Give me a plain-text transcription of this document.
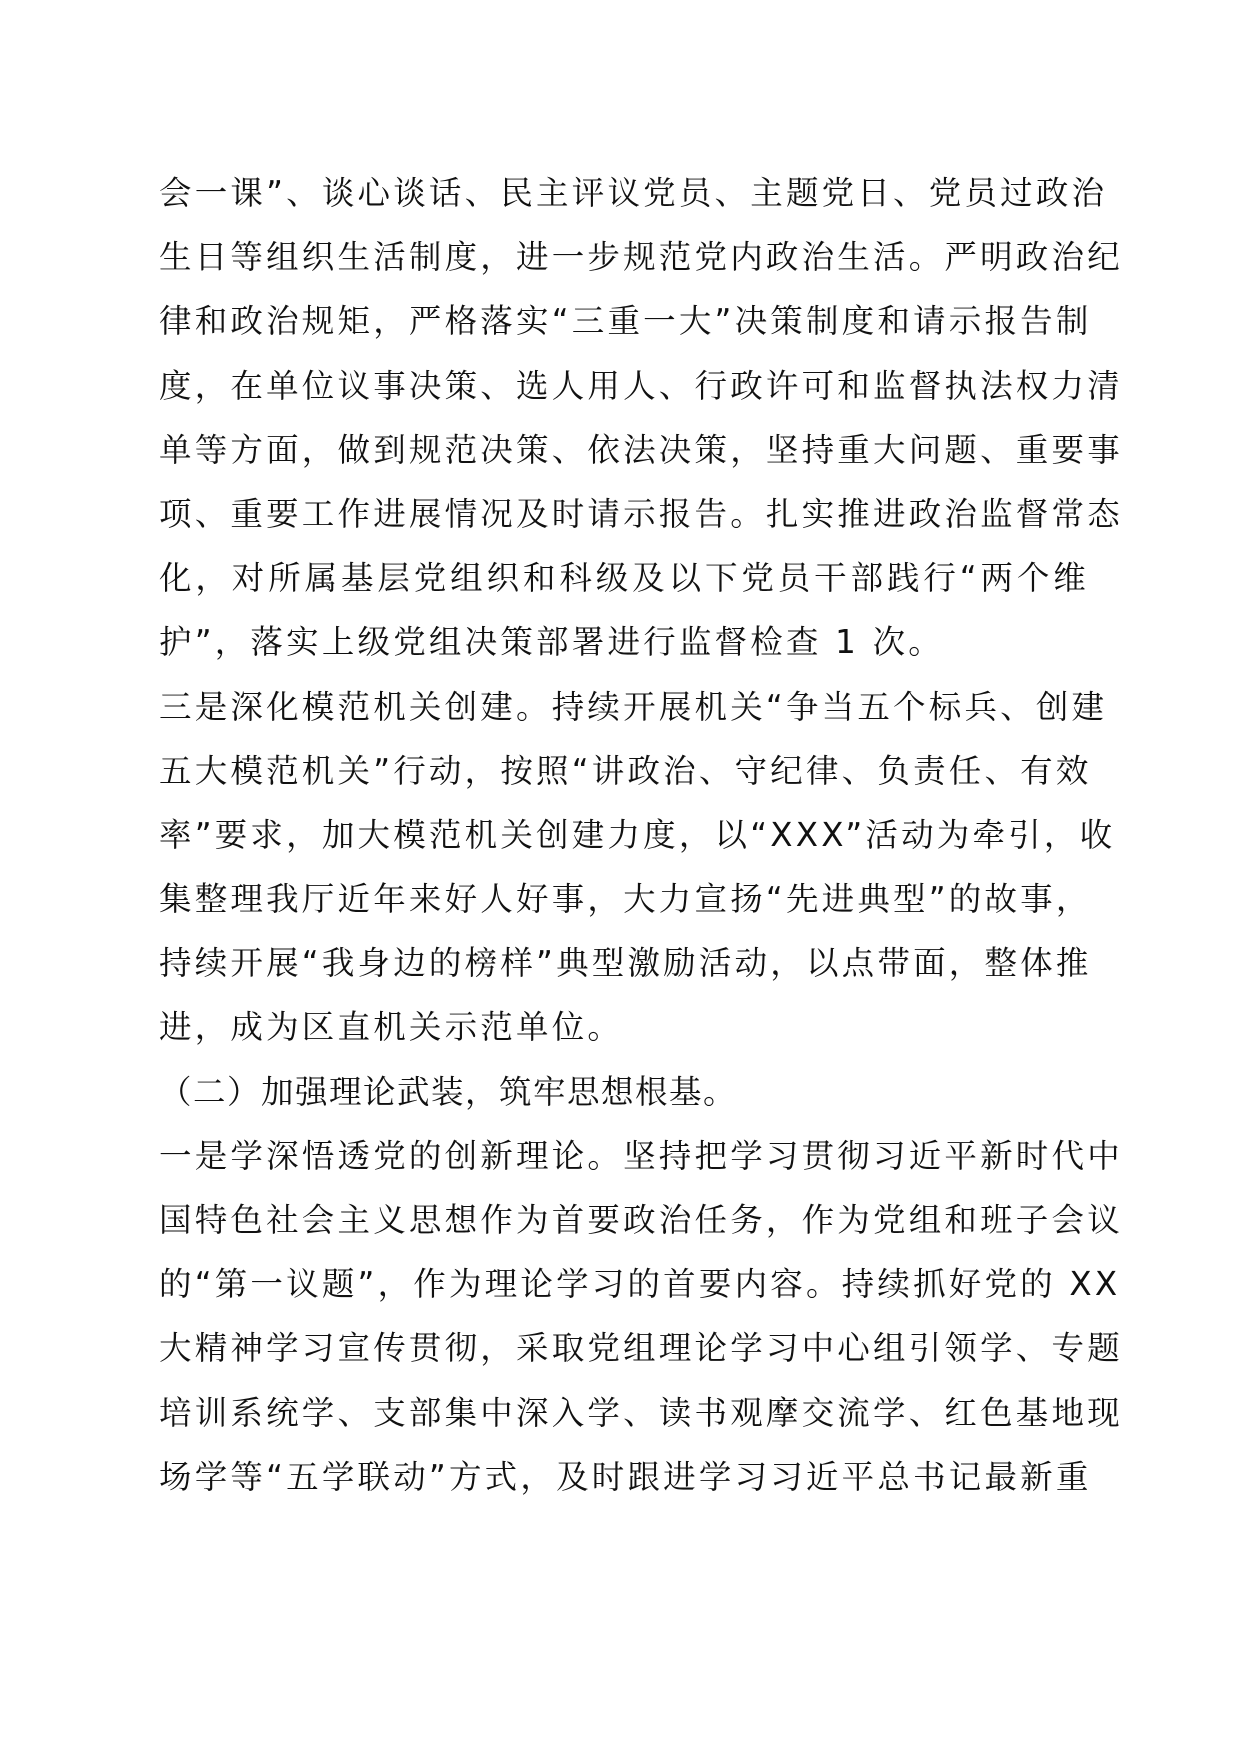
会一课”、谈心谈话、民主评议党员、主题党日、党员过政治
生日等组织生活制度，进一步规范党内政治生活。严明政治纪
律和政治规矩，严格落实“三重一大”决策制度和请示报告制
度，在单位议事决策、选人用人、行政许可和监督执法权力清
单等方面，做到规范决策、依法决策，坚持重大问题、重要事
项、重要工作进展情况及时请示报告。扎实推进政治监督常态
化，对所属基层党组织和科级及以下党员干部践行“两个维
护”，落实上级党组决策部署进行监督检查 1 次。
三是深化模范机关创建。持续开展机关“争当五个标兵、创建
五大模范机关”行动，按照“讲政治、守纪律、负责任、有效
率”要求，加大模范机关创建力度，以“XXX”活动为牵引，收
集整理我厅近年来好人好事，大力宣扬“先进典型”的故事，
持续开展“我身边的榜样”典型激励活动，以点带面，整体推
进，成为区直机关示范单位。
（二）加强理论武装，筑牢思想根基。
一是学深悟透党的创新理论。坚持把学习贯彻习近平新时代中
国特色社会主义思想作为首要政治任务，作为党组和班子会议
的“第一议题”，作为理论学习的首要内容。持续抓好党的 XX
大精神学习宣传贯彻，采取党组理论学习中心组引领学、专题
培训系统学、支部集中深入学、读书观摩交流学、红色基地现
场学等“五学联动”方式，及时跟进学习习近平总书记最新重
